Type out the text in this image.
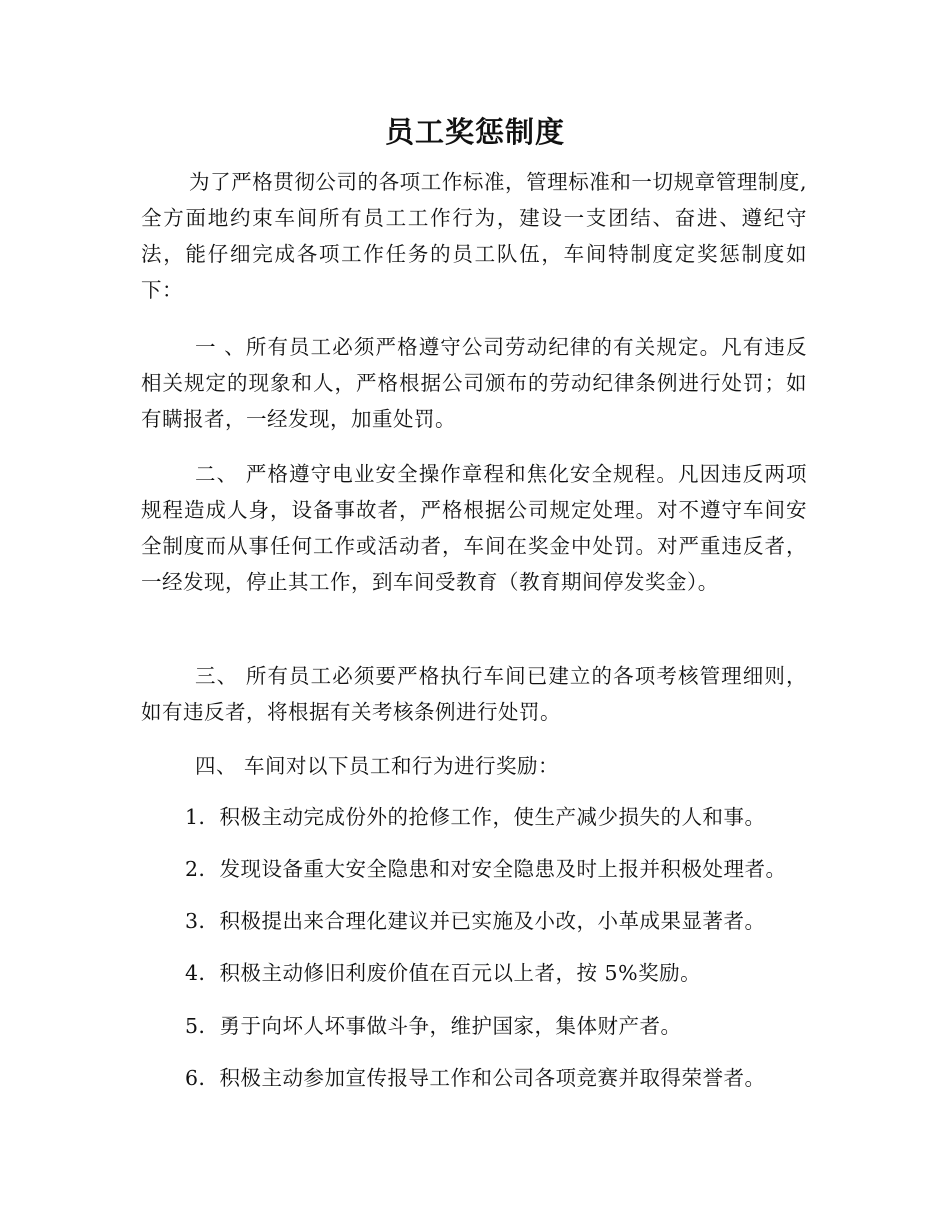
员工奖惩制度

为了严格贯彻公司的各项工作标准，管理标准和一切规章管理制度,全方面地约束车间所有员工工作行为，建设一支团结、奋进、遵纪守法，能仔细完成各项工作任务的员工队伍，车间特制度定奖惩制度如下：

一 、所有员工必须严格遵守公司劳动纪律的有关规定。凡有违反相关规定的现象和人，严格根据公司颁布的劳动纪律条例进行处罚；如有瞒报者，一经发现，加重处罚。

二、 严格遵守电业安全操作章程和焦化安全规程。凡因违反两项规程造成人身，设备事故者，严格根据公司规定处理。对不遵守车间安全制度而从事任何工作或活动者，车间在奖金中处罚。对严重违反者，一经发现，停止其工作，到车间受教育（教育期间停发奖金）。

三、 所有员工必须要严格执行车间已建立的各项考核管理细则，如有违反者，将根据有关考核条例进行处罚。

四、 车间对以下员工和行为进行奖励：

1．积极主动完成份外的抢修工作，使生产减少损失的人和事。

2．发现设备重大安全隐患和对安全隐患及时上报并积极处理者。

3．积极提出来合理化建议并已实施及小改，小革成果显著者。

4．积极主动修旧利废价值在百元以上者，按 5%奖励。

5．勇于向坏人坏事做斗争，维护国家，集体财产者。

6．积极主动参加宣传报导工作和公司各项竞赛并取得荣誉者。
